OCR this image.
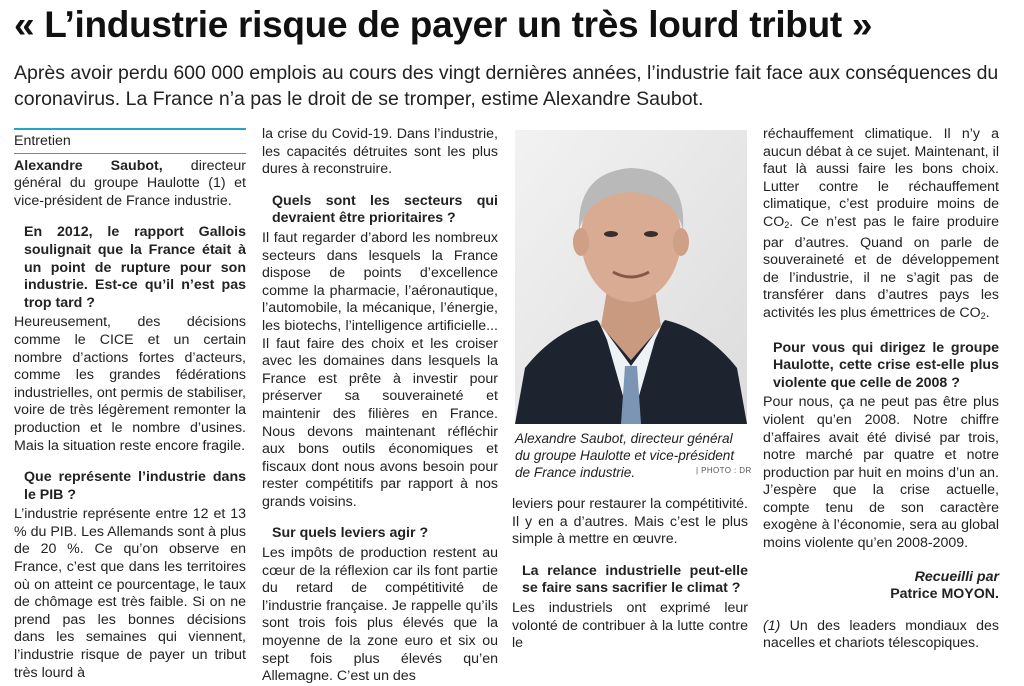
« L’industrie risque de payer un très lourd tribut »
Après avoir perdu 600 000 emplois au cours des vingt dernières années, l’industrie fait face aux conséquences du coronavirus. La France n’a pas le droit de se tromper, estime Alexandre Saubot.
Entretien

Alexandre Saubot, directeur général du groupe Haulotte (1) et vice-président de France industrie.

En 2012, le rapport Gallois soulignait que la France était à un point de rupture pour son industrie. Est-ce qu’il n’est pas trop tard ?

Heureusement, des décisions comme le CICE et un certain nombre d’actions fortes d’acteurs, comme les grandes fédérations industrielles, ont permis de stabiliser, voire de très légèrement remonter la production et le nombre d’usines. Mais la situation reste encore fragile.

Que représente l’industrie dans le PIB ?

L’industrie représente entre 12 et 13 % du PIB. Les Allemands sont à plus de 20 %. Ce qu’on observe en France, c’est que dans les territoires où on atteint ce pourcentage, le taux de chômage est très faible. Si on ne prend pas les bonnes décisions dans les semaines qui viennent, l’industrie risque de payer un tribut très lourd à

la crise du Covid-19. Dans l’industrie, les capacités détruites sont les plus dures à reconstruire.

Quels sont les secteurs qui devraient être prioritaires ?

Il faut regarder d’abord les nombreux secteurs dans lesquels la France dispose de points d’excellence comme la pharmacie, l’aéronautique, l’automobile, la mécanique, l’énergie, les biotechs, l’intelligence artificielle... Il faut faire des choix et les croiser avec les domaines dans lesquels la France est prête à investir pour préserver sa souveraineté et maintenir des filières en France. Nous devons maintenant réfléchir aux bons outils économiques et fiscaux dont nous avons besoin pour rester compétitifs par rapport à nos grands voisins.

Sur quels leviers agir ?

Les impôts de production restent au cœur de la réflexion car ils font partie du retard de compétitivité de l’industrie française. Je rappelle qu’ils sont trois fois plus élevés que la moyenne de la zone euro et six ou sept fois plus élevés qu’en Allemagne. C’est un des

Alexandre Saubot, directeur général du groupe Haulotte et vice-président de France industrie.	| PHOTO : DR

leviers pour restaurer la compétitivité. Il y en a d’autres. Mais c’est le plus simple à mettre en œuvre.

La relance industrielle peut-elle se faire sans sacrifier le climat ?

Les industriels ont exprimé leur volonté de contribuer à la lutte contre le

réchauffement climatique. Il n’y a aucun débat à ce sujet. Maintenant, il faut là aussi faire les bons choix. Lutter contre le réchauffement climatique, c’est produire moins de $CO_2$. Ce n’est pas le faire produire par d’autres. Quand on parle de souveraineté et de développement de l’industrie, il ne s’agit pas de transférer dans d’autres pays les activités les plus émettrices de $CO_2$.

Pour vous qui dirigez le groupe Haulotte, cette crise est-elle plus violente que celle de 2008 ?

Pour nous, ça ne peut pas être plus violent qu’en 2008. Notre chiffre d’affaires avait été divisé par trois, notre marché par quatre et notre production par huit en moins d’un an. J’espère que la crise actuelle, compte tenu de son caractère exogène à l’économie, sera au global moins violente qu’en 2008-2009.

Recueilli par
Patrice MOYON.

(1) Un des leaders mondiaux des nacelles et chariots télescopiques.
